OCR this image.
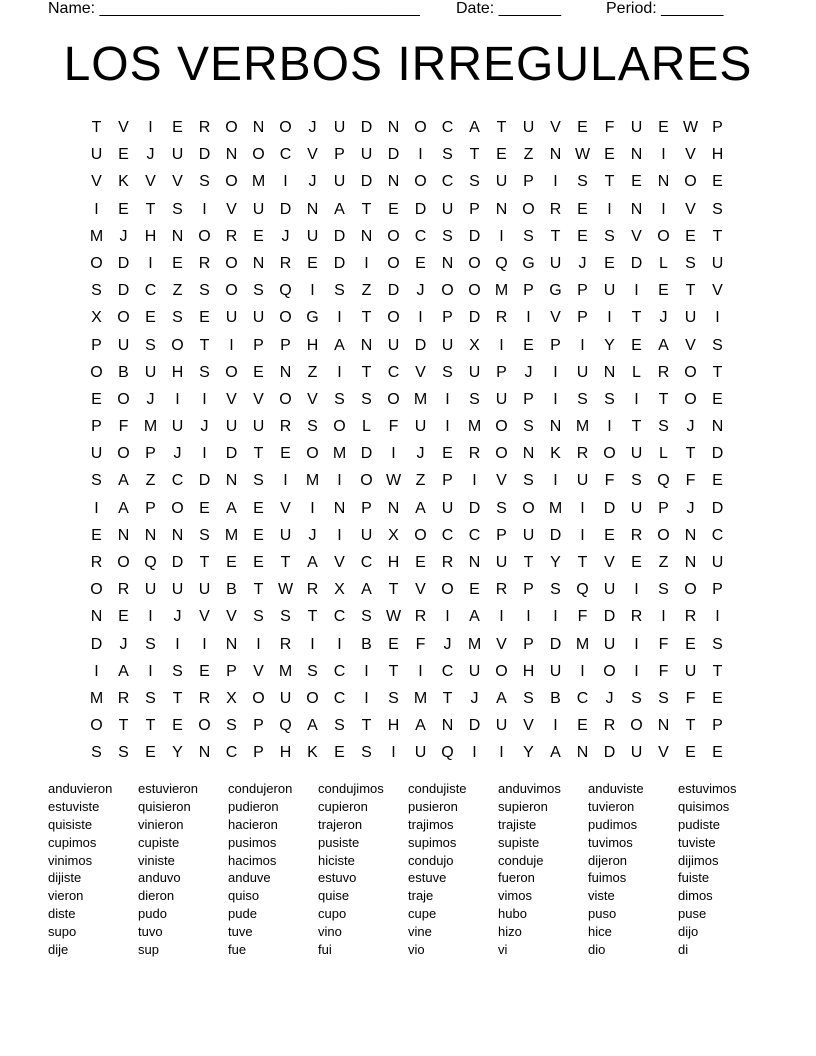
Name: ____________________________________ Date: _______	Period: _______
LOS VERBOS IRREGULARES
T	V	I	E R O N O	J	U D N O C A	T	U V	E	F	U E W P
U E	J	U D N O C V	P U D	I	S	T	E	Z	N W E N	I	V H
V	K	V	V	S O M	I	J	U D N O C S U P	I	S	T	E N O E
I	E	T	S	I	V U D N A	T	E D U P N O R E	I	N	I	V	S
M	J	H N O R E	J	U D N O C S D	I	S	T	E	S	V O E	T
O D	I	E R O N R E D	I	O E N O Q G U	J	E D	L	S U
S D C	Z	S O S Q	I	S	Z	D	J	O O M P G P U	I	E	T	V
X O E	S	E U U O G	I	T O	I	P D R	I	V	P	I	T	J	U	I
P U S O T	I	P	P H A N U D U X	I	E	P	I	Y	E	A	V	S
O B U H S O E N	Z	I	T	C V	S U P	J	I	U N	L	R O T
E O	J	I	I	V	V O V	S	S O M	I	S U P	I	S	S	I	T O E
P	F M U	J	U U R S O	L	F	U	I	M O S N M	I	T	S	J	N
U O P	J	I	D	T	E O M D	I	J	E R O N K R O U	L	T	D
S	A	Z	C D N S	I	M	I	O W Z	P	I	V	S	I	U	F	S Q F	E
I	A	P O E	A	E	V	I	N P N A U D S O M	I	D U P	J	D
E N N N S M E U	J	I	U X O C C P U D	I	E R O N C
R O Q D	T	E	E	T	A	V C H E R N U	T	Y	T	V	E	Z	N U
O R U U U B	T W R X	A	T	V O E R P	S Q U	I	S O P
N E	I	J	V	V	S	S	T	C S W R	I	A	I	I	I	F	D R	I	R	I
D	J	S	I	I	N	I	R	I	I	B	E	F	J	M V	P D M U	I	F	E	S
I	A	I	S	E	P	V M S C	I	T	I	C U O H U	I	O	I	F	U	T
M R S	T	R X O U O C	I	S M T	J	A	S	B C	J	S	S	F	E
O T	T	E O S	P Q A	S	T	H A N D U V	I	E R O N	T	P
S	S	E	Y N C P H K	E	S	I	U Q	I	I	Y	A N D U V	E	E
anduvieron	estuvieron	condujeron	condujimos	condujiste	anduvimos	anduviste	estuvimos
estuviste	quisieron	pudieron	cupieron	pusieron	supieron	tuvieron	quisimos
quisiste	vinieron	hacieron	trajeron	trajimos	trajiste	pudimos	pudiste
cupimos	cupiste	pusimos	pusiste	supimos	supiste	tuvimos	tuviste
vinimos	viniste	hacimos	hiciste	condujo	conduje	dijeron	dijimos
dijiste	anduvo	anduve	estuvo	estuve	fueron	fuimos	fuiste
vieron	dieron	quiso	quise	traje	vimos	viste	dimos
diste	pudo	pude	cupo	cupe	hubo	puso	puse
supo	tuvo	tuve	vino	vine	hizo	hice	dijo
dije	sup	fue	fui	vio	vi	dio	di
